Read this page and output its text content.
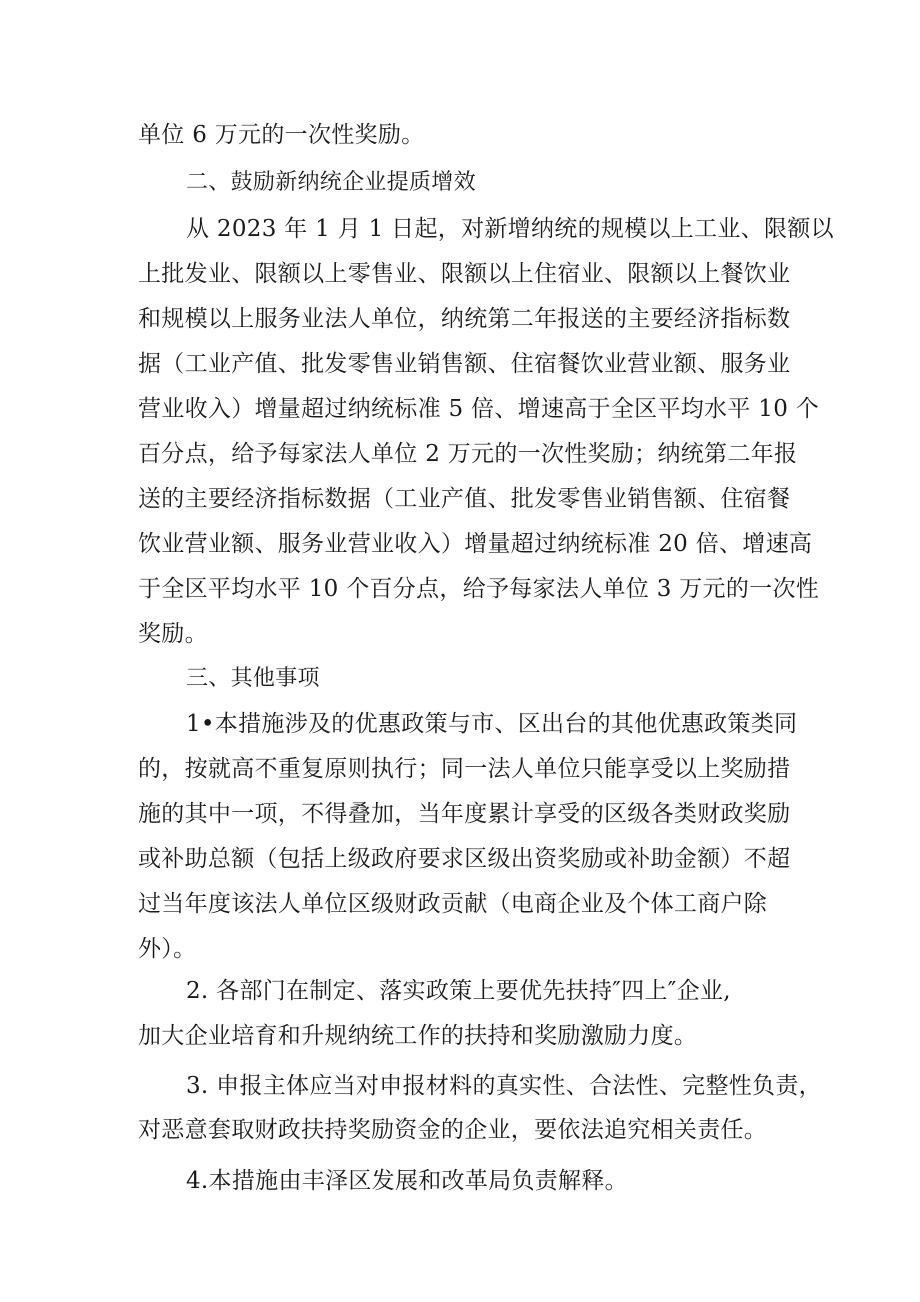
单位 6 万元的一次性奖励。
二、鼓励新纳统企业提质增效
从 2023 年 1 月 1 日起，对新增纳统的规模以上工业、限额以
上批发业、限额以上零售业、限额以上住宿业、限额以上餐饮业
和规模以上服务业法人单位，纳统第二年报送的主要经济指标数
据（工业产值、批发零售业销售额、住宿餐饮业营业额、服务业
营业收入）增量超过纳统标准 5 倍、增速高于全区平均水平 10 个
百分点，给予每家法人单位 2 万元的一次性奖励；纳统第二年报
送的主要经济指标数据（工业产值、批发零售业销售额、住宿餐
饮业营业额、服务业营业收入）增量超过纳统标准 20 倍、增速高
于全区平均水平 10 个百分点，给予每家法人单位 3 万元的一次性
奖励。
三、其他事项
1•本措施涉及的优惠政策与市、区出台的其他优惠政策类同
的，按就高不重复原则执行；同一法人单位只能享受以上奖励措
施的其中一项，不得叠加，当年度累计享受的区级各类财政奖励
或补助总额（包括上级政府要求区级出资奖励或补助金额）不超
过当年度该法人单位区级财政贡献（电商企业及个体工商户除
外）。
2. 各部门在制定、落实政策上要优先扶持″四上″企业,
加大企业培育和升规纳统工作的扶持和奖励激励力度。
3. 申报主体应当对申报材料的真实性、合法性、完整性负责，
对恶意套取财政扶持奖励资金的企业，要依法追究相关责任。
4.本措施由丰泽区发展和改革局负责解释。
